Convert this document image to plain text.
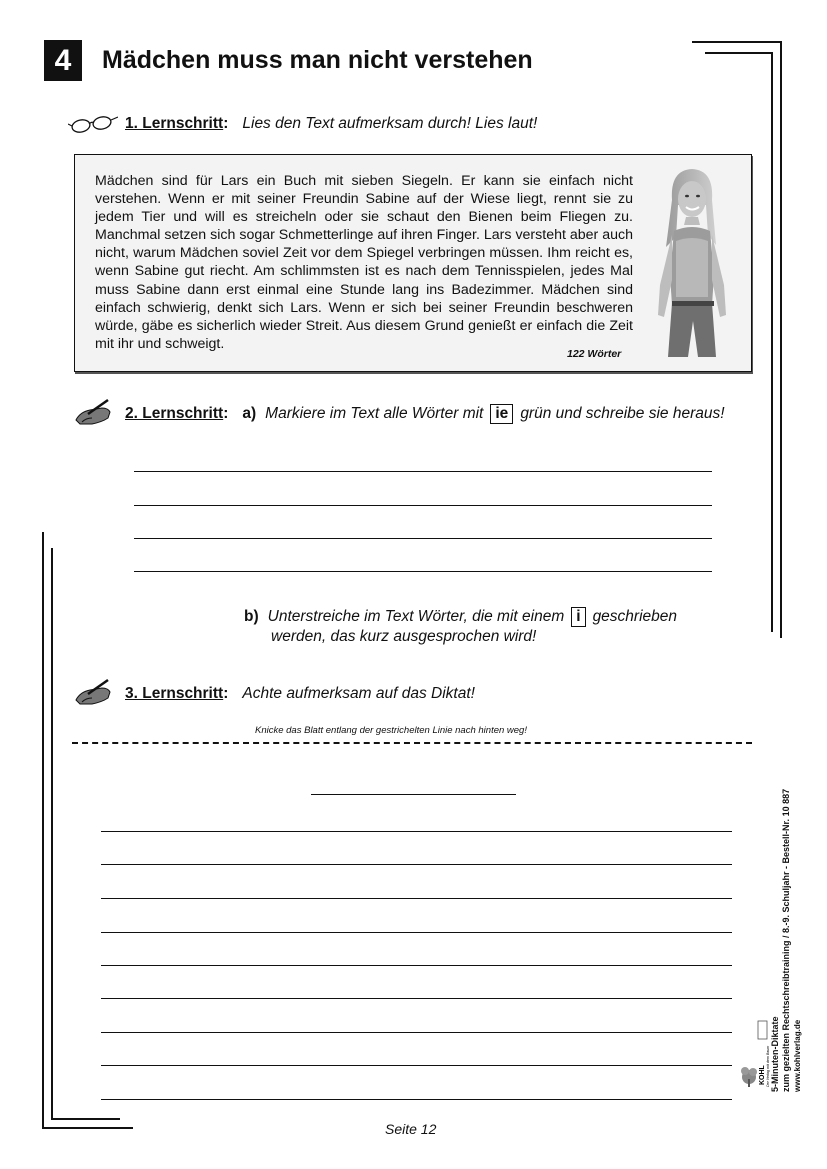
4	Mädchen muss man nicht verstehen
1. Lernschritt : Lies den Text aufmerksam durch! Lies laut!
Mädchen sind für Lars ein Buch mit sieben Siegeln. Er kann sie einfach nicht verstehen. Wenn er mit seiner Freundin Sabine auf der Wiese liegt, rennt sie zu jedem Tier und will es streicheln oder sie schaut den Bienen beim Fliegen zu. Manchmal setzen sich sogar Schmetterlinge auf ihren Finger. Lars versteht aber auch nicht, warum Mädchen soviel Zeit vor dem Spiegel verbringen müssen. Ihm reicht es, wenn Sabine gut riecht. Am schlimmsten ist es nach dem Tennisspielen, jedes Mal muss Sabine dann erst einmal eine Stunde lang ins Badezimmer. Mädchen sind einfach schwierig, denkt sich Lars. Wenn er sich bei seiner Freundin beschweren würde, gäbe es sicherlich wieder Streit. Aus diesem Grund genießt er einfach die Zeit mit ihr und schweigt.
122 Wörter
2. Lernschritt : a) Markiere im Text alle Wörter mit ie grün und schreibe sie heraus!
b) Unterstreiche im Text Wörter, die mit einem i geschrieben
werden, das kurz ausgesprochen wird!
3. Lernschritt : Achte aufmerksam auf das Diktat!
Knicke das Blatt entlang der gestrichelten Linie nach hinten weg!
Seite 12
KOHL Der Verlag mit dem Baum 5-Minuten-Diktate zum gezielten Rechtschreibtraining / 8.-9. Schuljahr - Bestell-Nr. 10 887 www.kohlverlag.de
